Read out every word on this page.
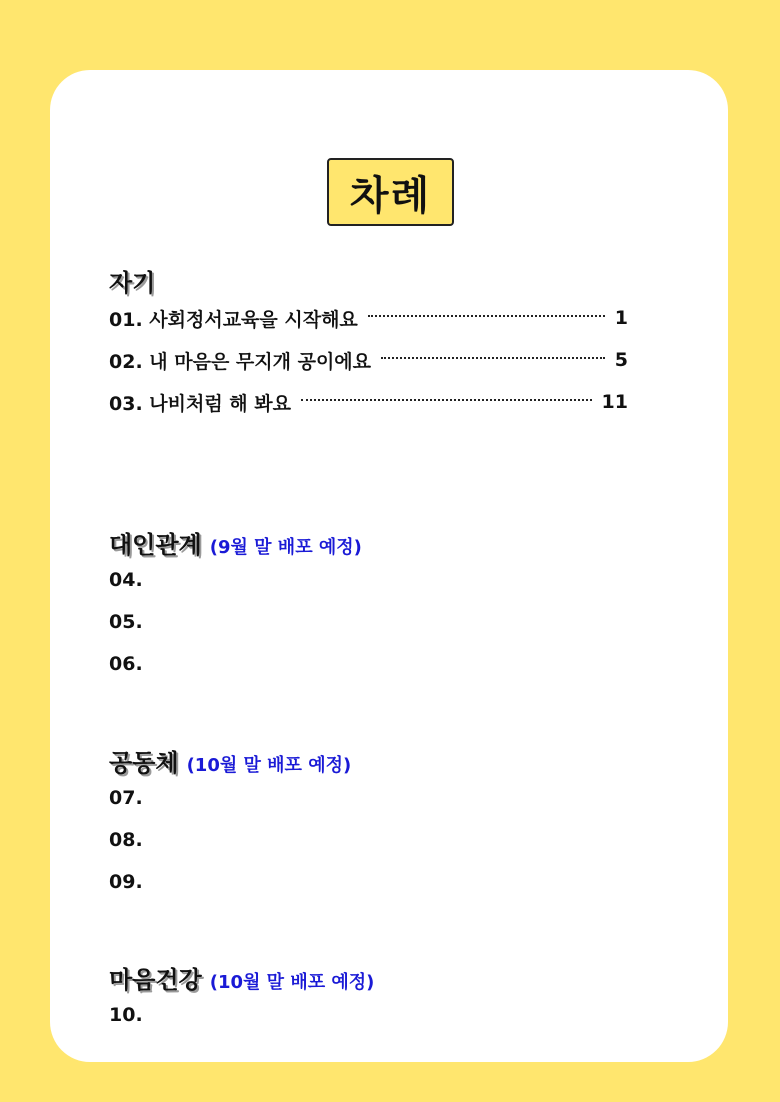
차례
자기
01. 사회정서교육을 시작해요	1
02. 내 마음은 무지개 공이에요	5
03. 나비처럼 해 봐요	11
대인관계 (9월 말 배포 예정)
04.
05.
06.
공동체 (10월 말 배포 예정)
07.
08.
09.
마음건강 (10월 말 배포 예정)
10.
